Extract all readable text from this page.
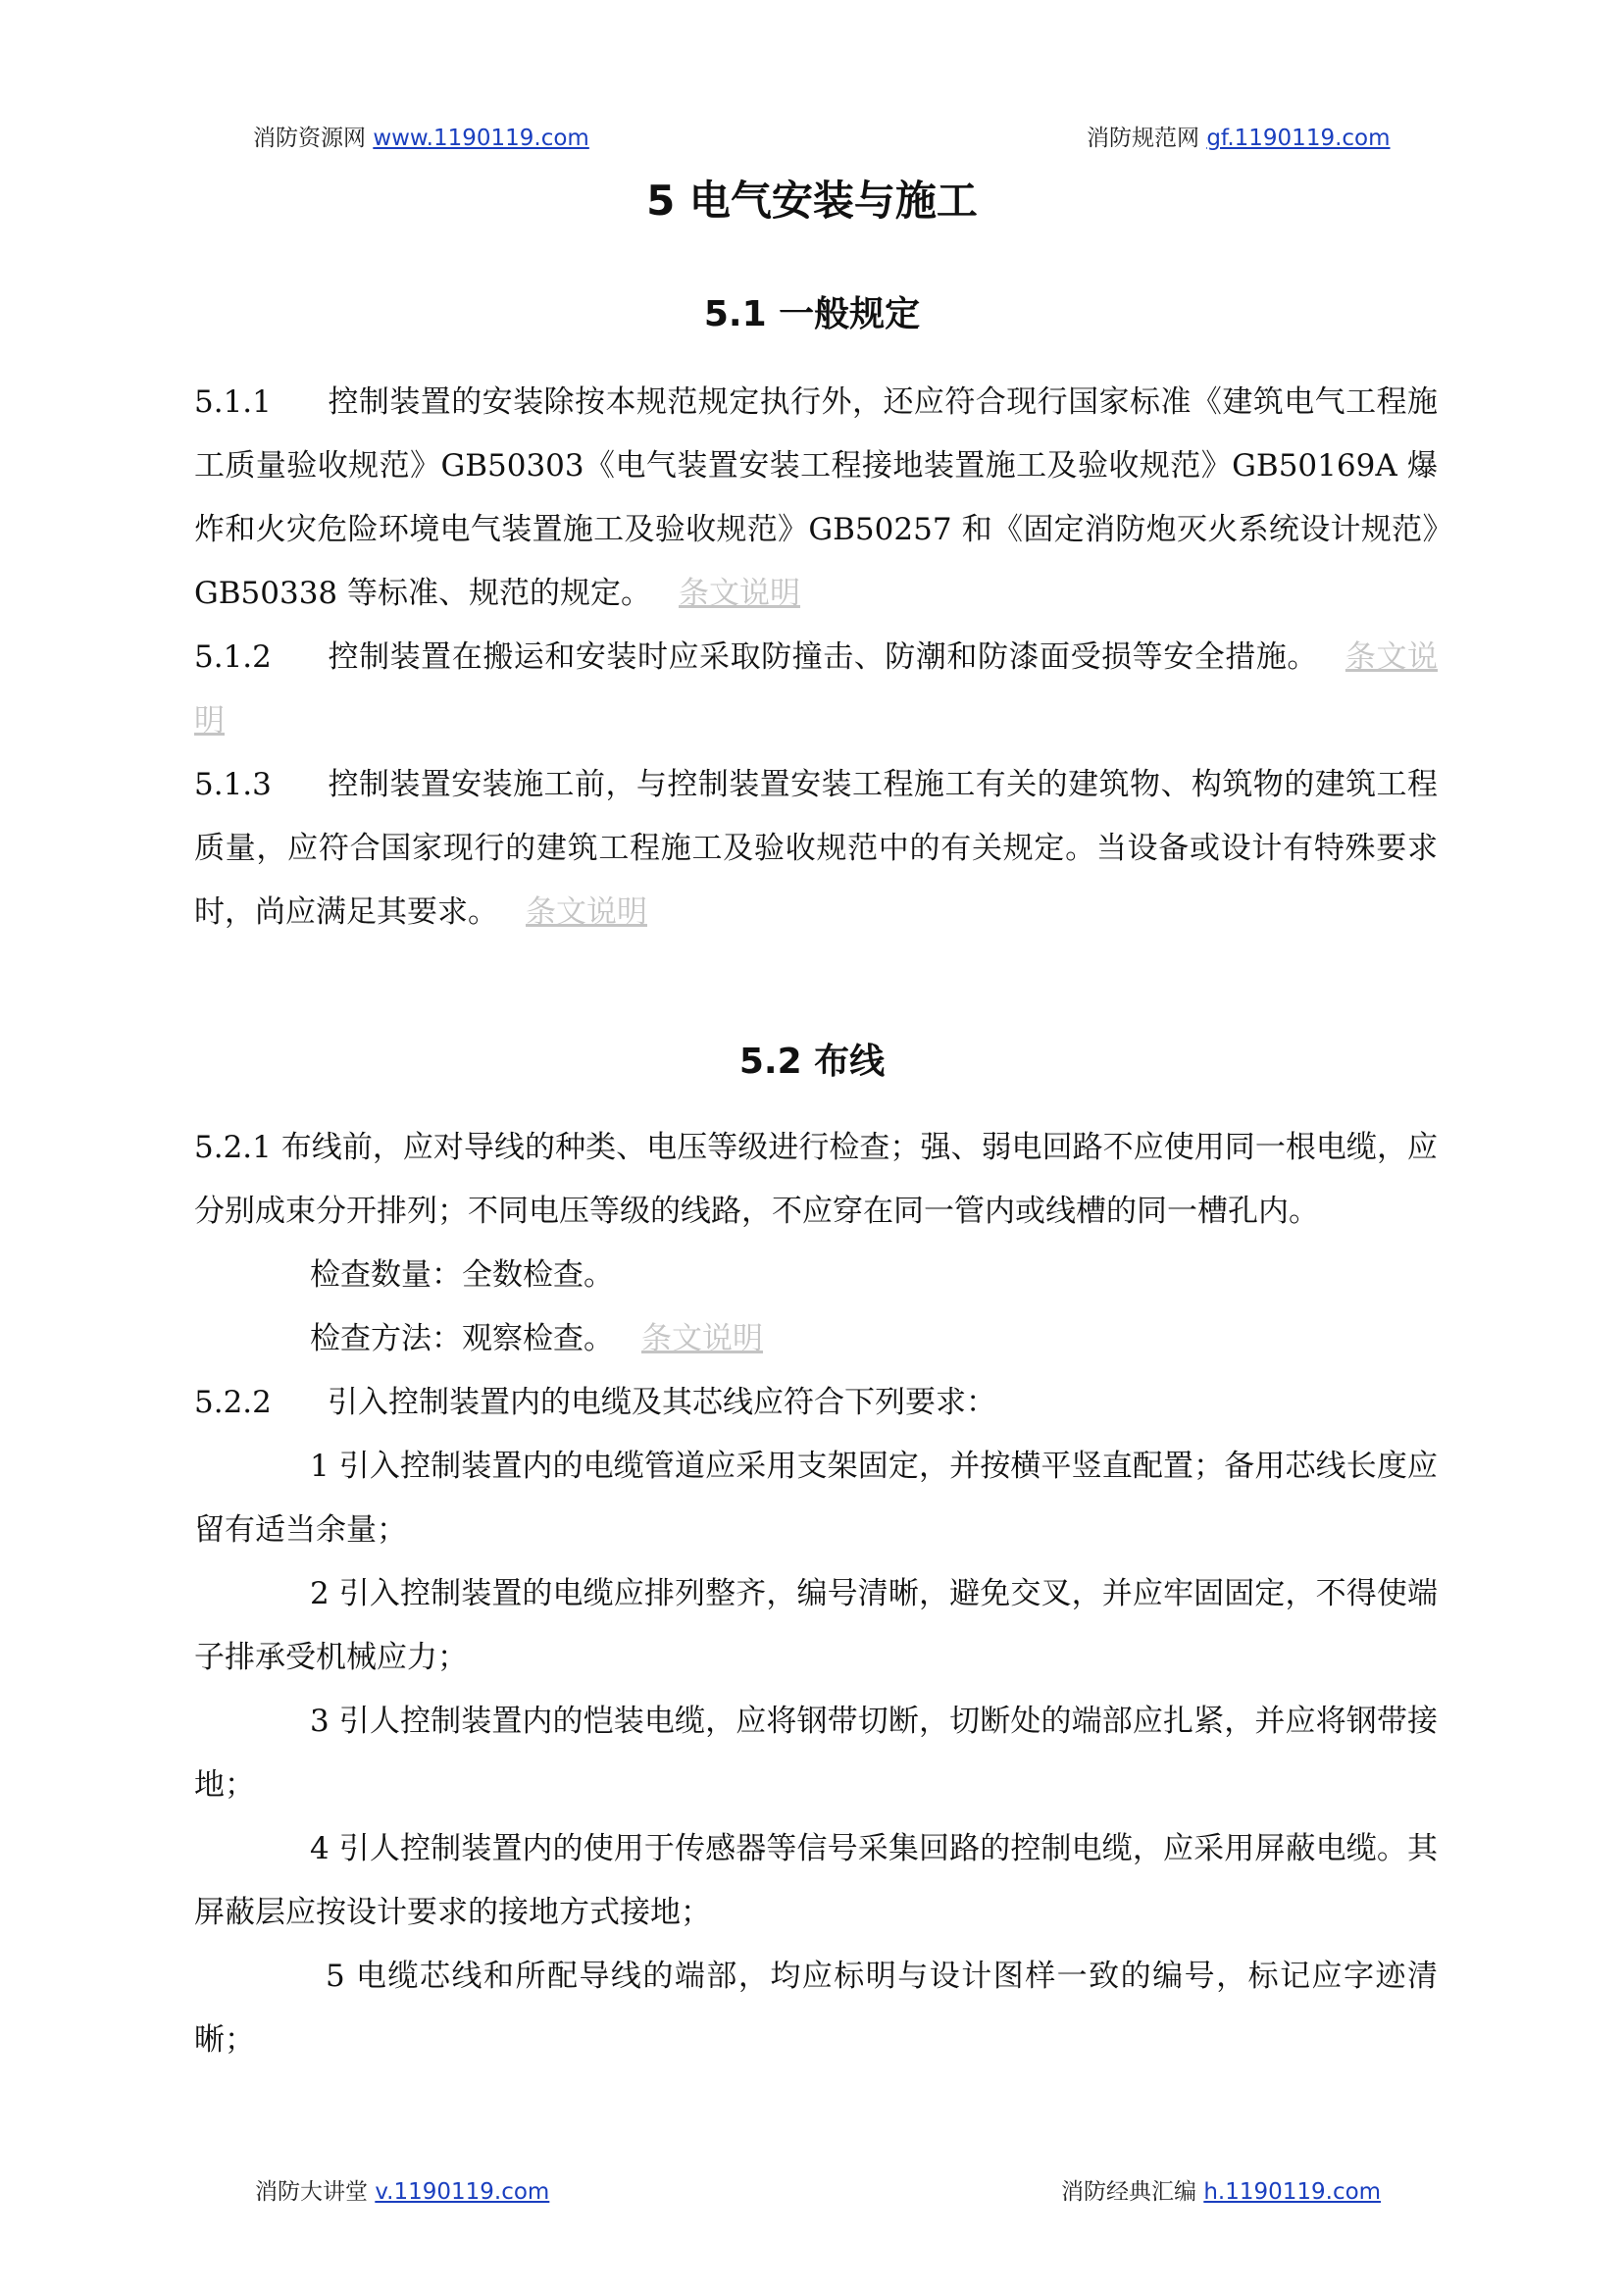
消防资源网 www.1190119.com	消防规范网 gf.1190119.com
5 电气安装与施工
5.1 一般规定

5.1.1 控制装置的安装除按本规范规定执行外，还应符合现行国家标准《建筑电气工程施工质量验收规范》GB50303《电气装置安装工程接地装置施工及验收规范》GB50169A 爆炸和火灾危险环境电气装置施工及验收规范》GB50257 和《固定消防炮灭火系统设计规范》GB50338 等标准、规范的规定。 条文说明

5.1.2 控制装置在搬运和安装时应采取防撞击、防潮和防漆面受损等安全措施。 条文说明

5.1.3 控制装置安装施工前，与控制装置安装工程施工有关的建筑物、构筑物的建筑工程质量，应符合国家现行的建筑工程施工及验收规范中的有关规定。当设备或设计有特殊要求时，尚应满足其要求。 条文说明

5.2 布线

5.2.1 布线前，应对导线的种类、电压等级进行检查；强、弱电回路不应使用同一根电缆，应分别成束分开排列；不同电压等级的线路，不应穿在同一管内或线槽的同一槽孔内。

检查数量：全数检查。

检查方法：观察检查。 条文说明

5.2.2 引入控制装置内的电缆及其芯线应符合下列要求：

1 引入控制装置内的电缆管道应采用支架固定，并按横平竖直配置；备用芯线长度应留有适当余量；

2 引入控制装置的电缆应排列整齐，编号清晰，避免交叉，并应牢固固定，不得使端子排承受机械应力；

3 引人控制装置内的恺装电缆，应将钢带切断，切断处的端部应扎紧，并应将钢带接地；

4 引人控制装置内的使用于传感器等信号采集回路的控制电缆，应采用屏蔽电缆。其屏蔽层应按设计要求的接地方式接地；

5 电缆芯线和所配导线的端部，均应标明与设计图样一致的编号，标记应字迹清晰；

消防大讲堂 v.1190119.com	消防经典汇编 h.1190119.com
